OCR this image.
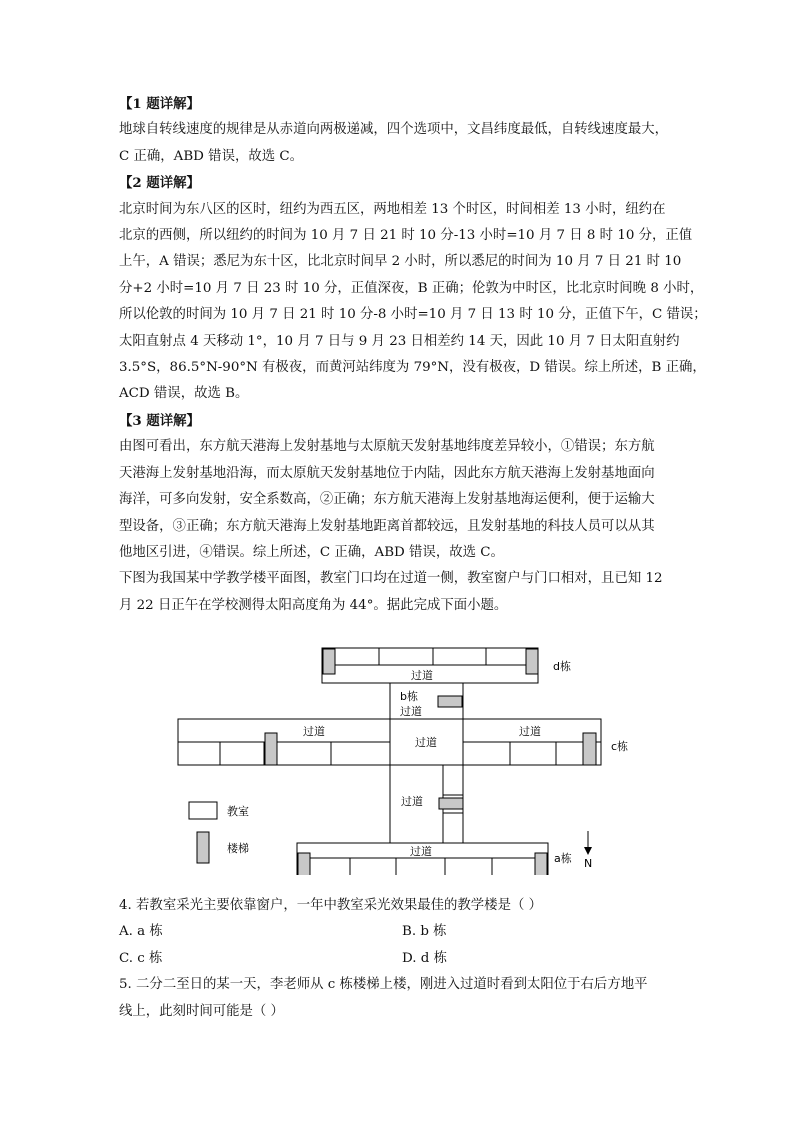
【1 题详解】
地球自转线速度的规律是从赤道向两极递减，四个选项中，文昌纬度最低，自转线速度最大，
C 正确，ABD 错误，故选 C。
【2 题详解】
北京时间为东八区的区时，纽约为西五区，两地相差 13 个时区，时间相差 13 小时，纽约在
北京的西侧，所以纽约的时间为 10 月 7 日 21 时 10 分-13 小时=10 月 7 日 8 时 10 分，正值
上午，A 错误；悉尼为东十区，比北京时间早 2 小时，所以悉尼的时间为 10 月 7 日 21 时 10
分+2 小时=10 月 7 日 23 时 10 分，正值深夜，B 正确；伦敦为中时区，比北京时间晚 8 小时，
所以伦敦的时间为 10 月 7 日 21 时 10 分-8 小时=10 月 7 日 13 时 10 分，正值下午，C 错误；
太阳直射点 4 天移动 1°，10 月 7 日与 9 月 23 日相差约 14 天，因此 10 月 7 日太阳直射约
3.5°S，86.5°N-90°N 有极夜，而黄河站纬度为 79°N，没有极夜，D 错误。综上所述，B 正确，
ACD 错误，故选 B。
【3 题详解】
由图可看出，东方航天港海上发射基地与太原航天发射基地纬度差异较小，①错误；东方航
天港海上发射基地沿海，而太原航天发射基地位于内陆，因此东方航天港海上发射基地面向
海洋，可多向发射，安全系数高，②正确；东方航天港海上发射基地海运便利，便于运输大
型设备，③正确；东方航天港海上发射基地距离首都较远，且发射基地的科技人员可以从其
他地区引进，④错误。综上所述，C 正确，ABD 错误，故选 C。
下图为我国某中学教学楼平面图，教室门口均在过道一侧，教室窗户与门口相对，且已知 12
月 22 日正午在学校测得太阳高度角为 44°。据此完成下面小题。
过道
d栋
b栋
过道
过道
过道
过道
c栋
过道
过道
a栋 N
教室
楼梯
4. 若教室采光主要依靠窗户，一年中教室采光效果最佳的教学楼是（ ）
A. a 栋	B. b 栋
C. c 栋	D. d 栋
5. 二分二至日的某一天，李老师从 c 栋楼梯上楼，刚进入过道时看到太阳位于右后方地平
线上，此刻时间可能是（ ）
